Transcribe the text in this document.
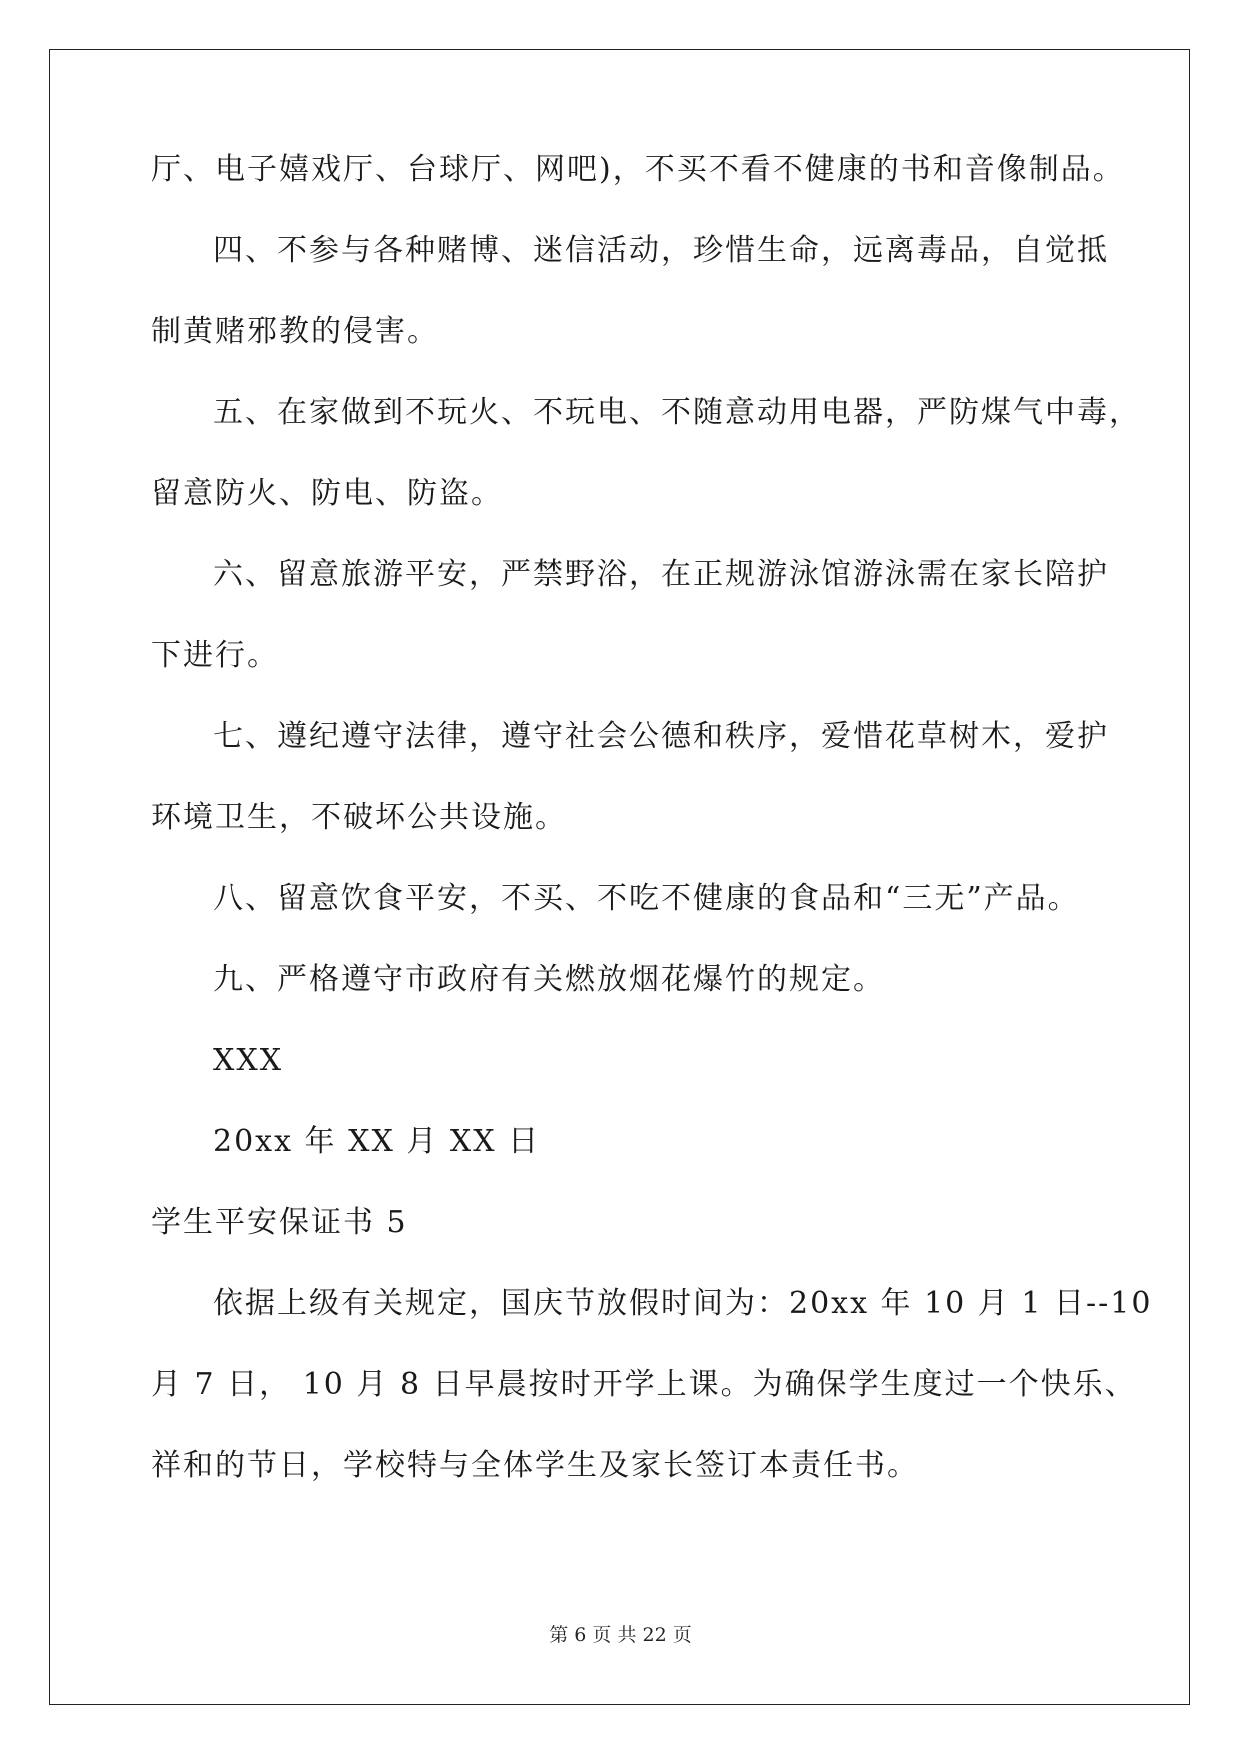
厅、电子嬉戏厅、台球厅、网吧)，不买不看不健康的书和音像制品。
四、不参与各种赌博、迷信活动，珍惜生命，远离毒品，自觉抵
制黄赌邪教的侵害。
五、在家做到不玩火、不玩电、不随意动用电器，严防煤气中毒，
留意防火、防电、防盗。
六、留意旅游平安，严禁野浴，在正规游泳馆游泳需在家长陪护
下进行。
七、遵纪遵守法律，遵守社会公德和秩序，爱惜花草树木，爱护
环境卫生，不破坏公共设施。
八、留意饮食平安，不买、不吃不健康的食品和“三无”产品。
九、严格遵守市政府有关燃放烟花爆竹的规定。
XXX
20xx 年 XX 月 XX 日
学生平安保证书 5
依据上级有关规定，国庆节放假时间为：20xx 年 10 月 1 日--10
月 7 日， 10 月 8 日早晨按时开学上课。为确保学生度过一个快乐、
祥和的节日，学校特与全体学生及家长签订本责任书。
第 6 页 共 22 页
